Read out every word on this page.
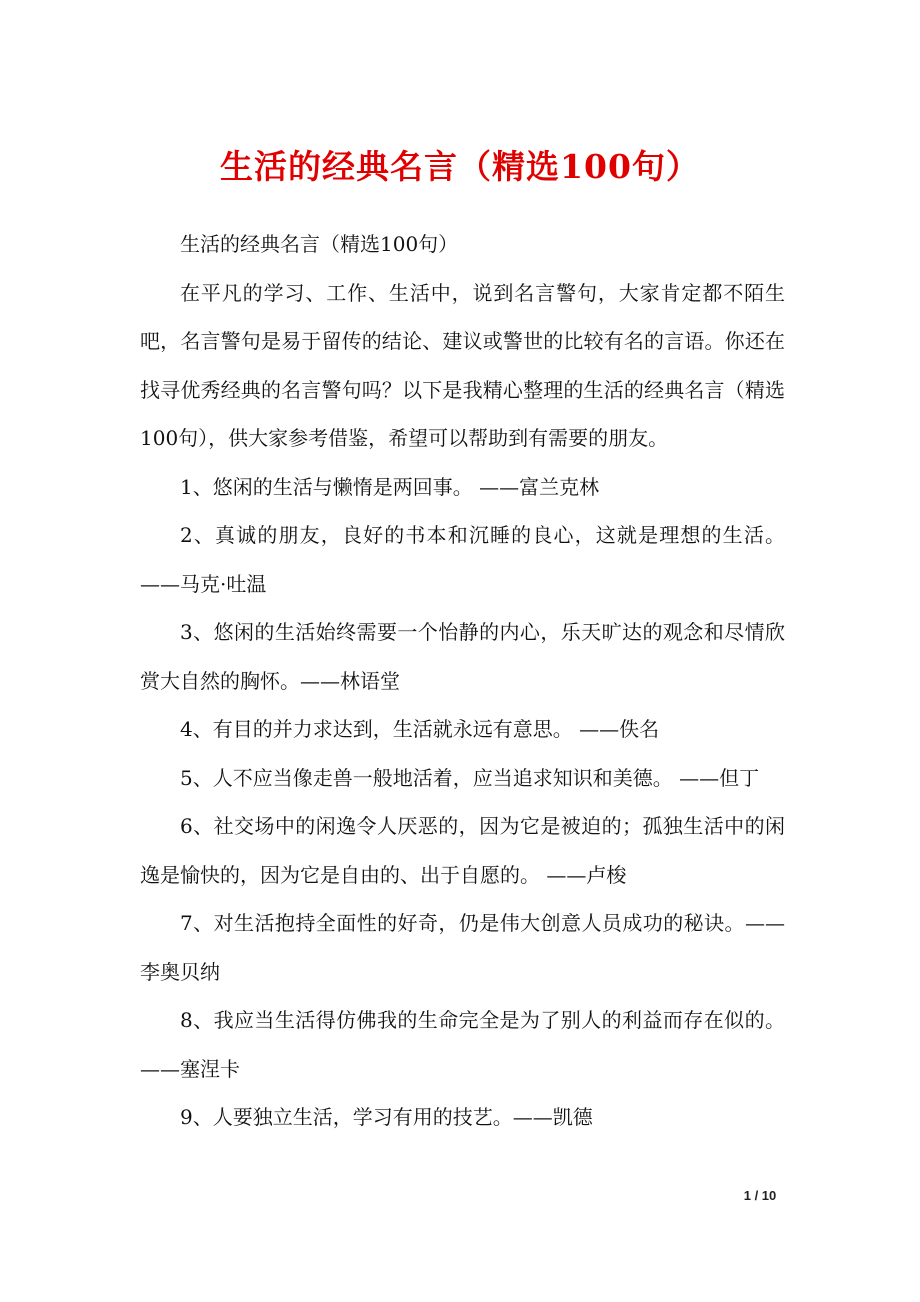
生活的经典名言（精选100句）

生活的经典名言（精选100句）

在平凡的学习、工作、生活中，说到名言警句，大家肯定都不陌生吧，名言警句是易于留传的结论、建议或警世的比较有名的言语。你还在找寻优秀经典的名言警句吗？以下是我精心整理的生活的经典名言（精选100句），供大家参考借鉴，希望可以帮助到有需要的朋友。

1、悠闲的生活与懒惰是两回事。 ——富兰克林

2、真诚的朋友，良好的书本和沉睡的良心，这就是理想的生活。——马克·吐温

3、悠闲的生活始终需要一个怡静的内心，乐天旷达的观念和尽情欣赏大自然的胸怀。——林语堂

4、有目的并力求达到，生活就永远有意思。 ——佚名

5、人不应当像走兽一般地活着，应当追求知识和美德。 ——但丁

6、社交场中的闲逸令人厌恶的，因为它是被迫的；孤独生活中的闲逸是愉快的，因为它是自由的、出于自愿的。 ——卢梭

7、对生活抱持全面性的好奇，仍是伟大创意人员成功的秘诀。——李奥贝纳

8、我应当生活得仿佛我的生命完全是为了别人的利益而存在似的。——塞涅卡

9、人要独立生活，学习有用的技艺。——凯德

1 / 10
